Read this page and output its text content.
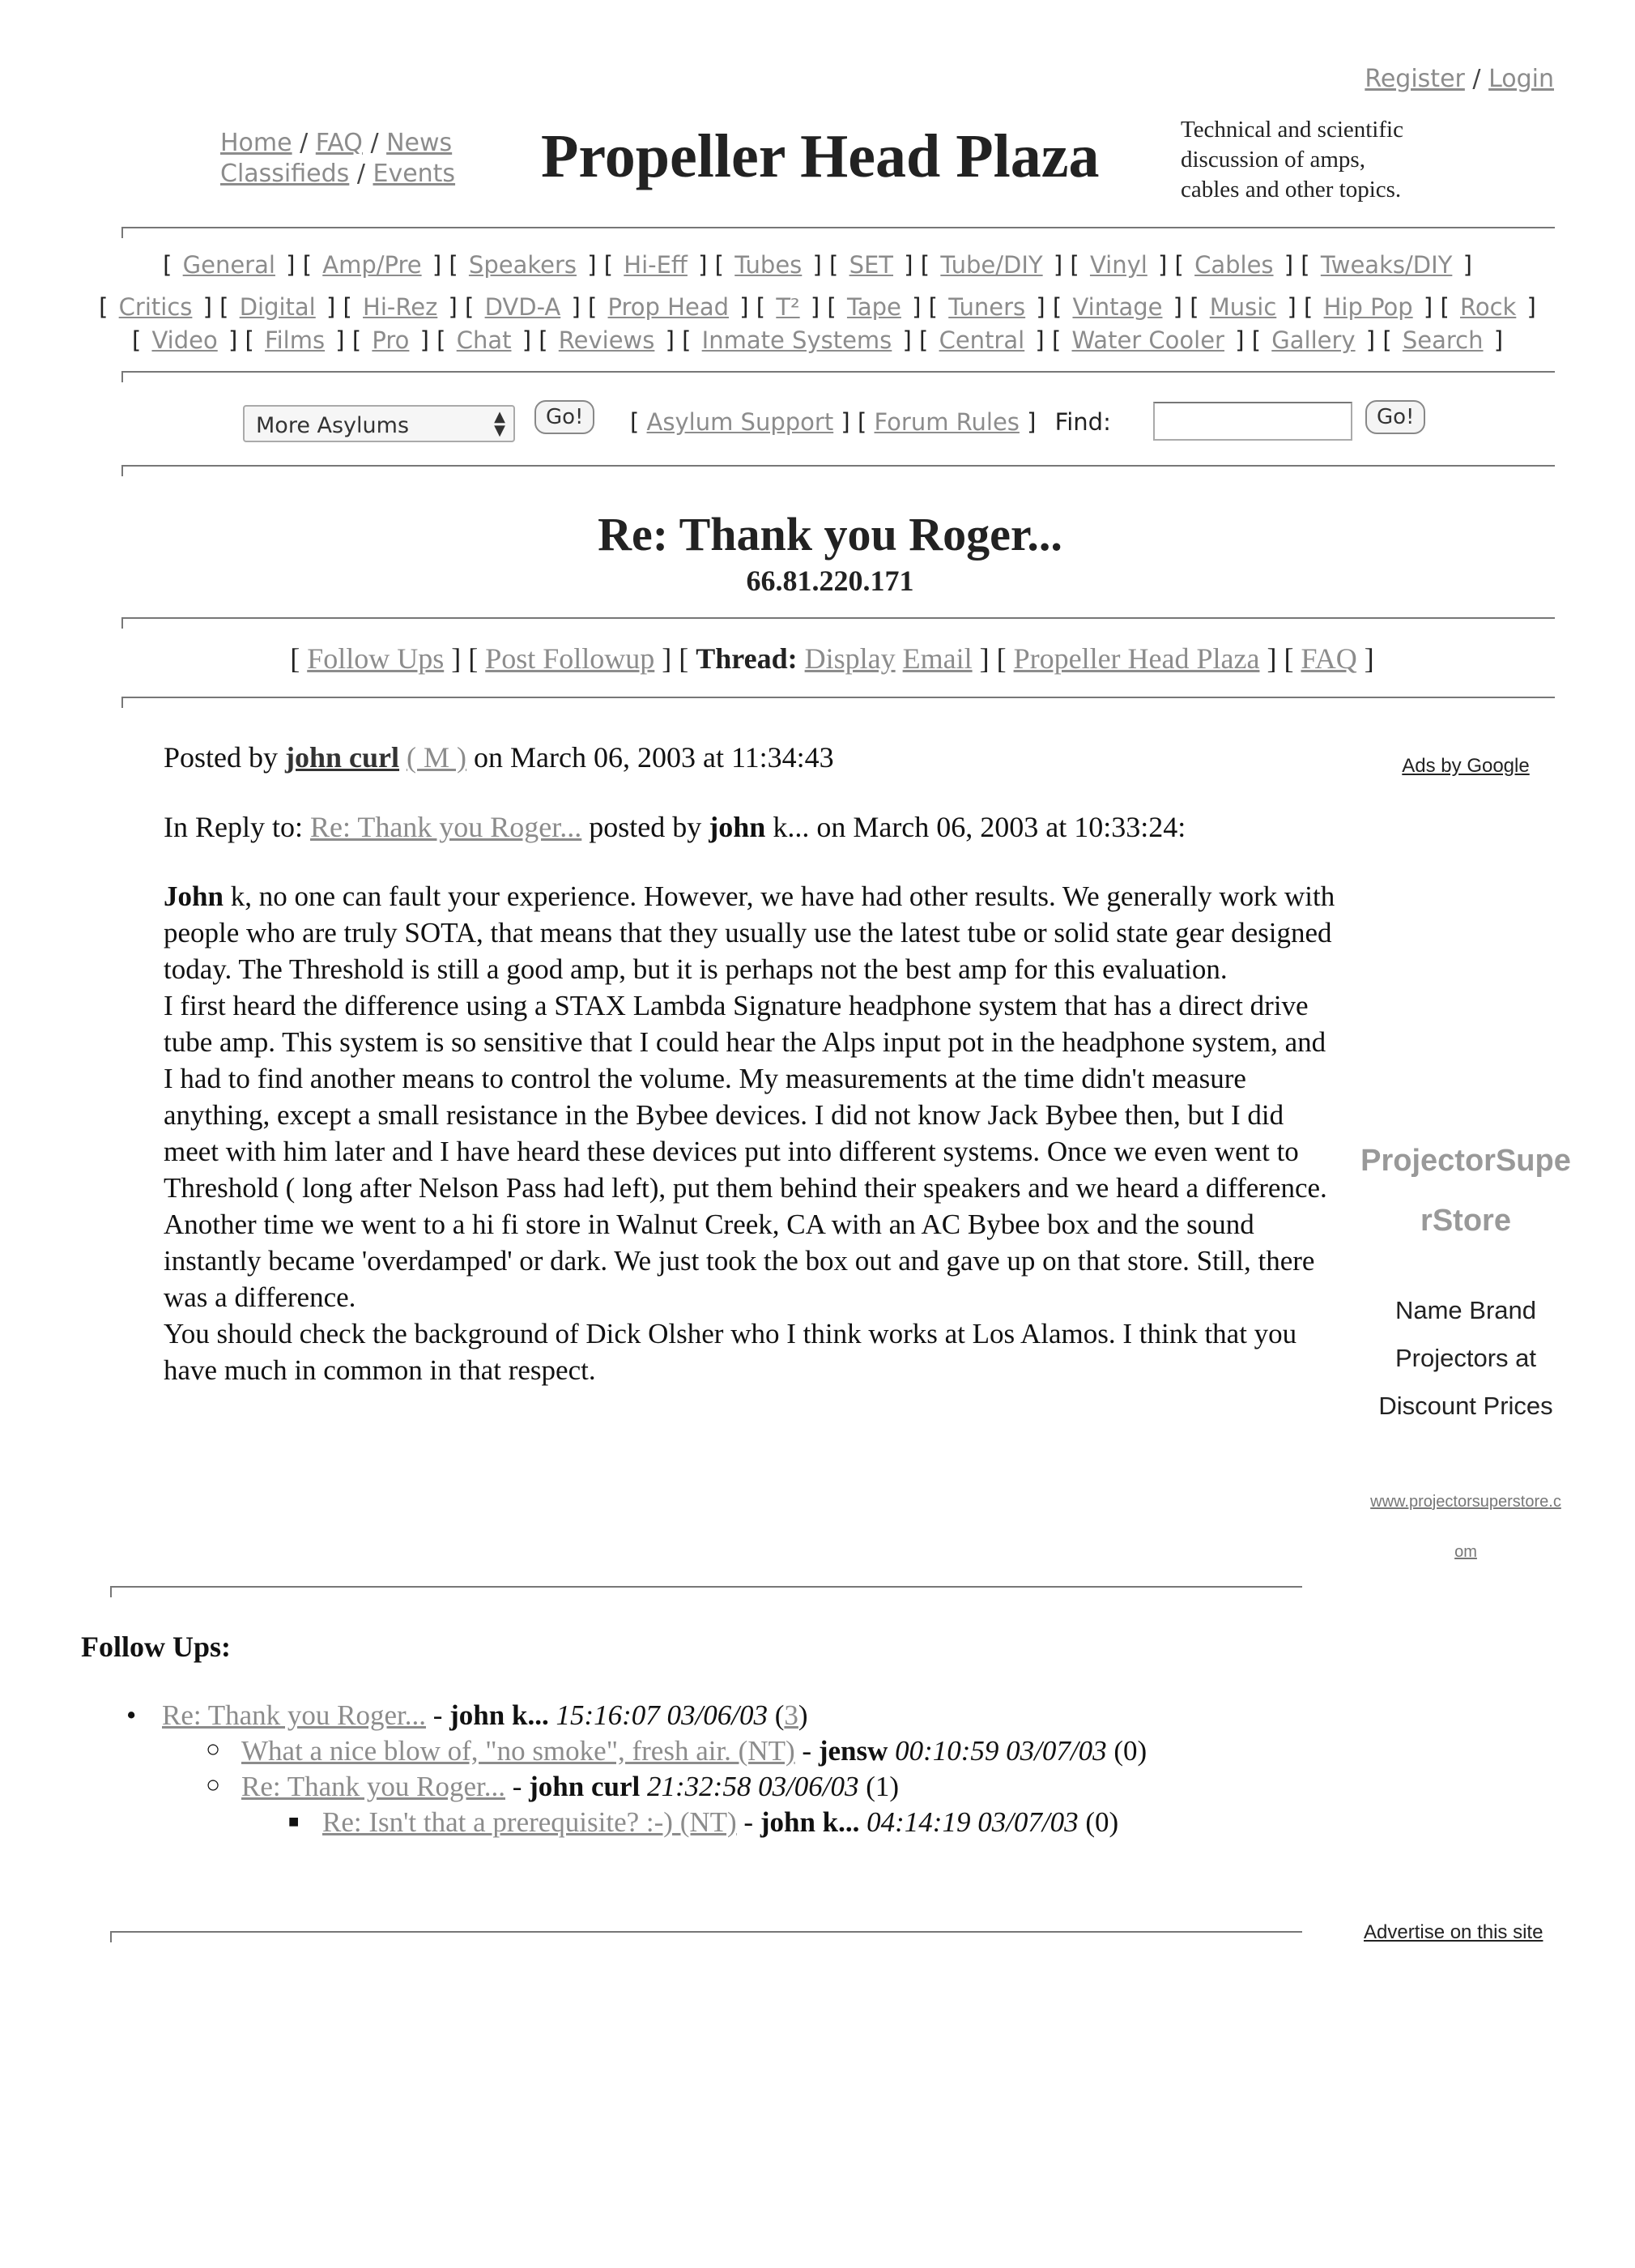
Register / Login
Home / FAQ / News
Classifieds / Events Propeller Head Plaza	Technical and scientific
discussion of amps,
cables and other topics.
[ General ] [ Amp/Pre ] [ Speakers ] [ Hi-Eff ] [ Tubes ] [ SET ] [ Tube/DIY ] [ Vinyl ] [ Cables ] [ Tweaks/DIY ]
[ Critics ] [ Digital ] [ Hi-Rez ] [ DVD-A ] [ Prop Head ] [ T² ] [ Tape ] [ Tuners ] [ Vintage ] [ Music ] [ Hip Pop ] [ Rock ]
[ Video ] [ Films ] [ Pro ] [ Chat ] [ Reviews ] [ Inmate Systems ] [ Central ] [ Water Cooler ] [ Gallery ] [ Search ]
More Asylums	▲
▼
Go!	[ Asylum Support ] [ Forum Rules ] Find:	Go!
Re: Thank you Roger...
66.81.220.171
[ Follow Ups ] [ Post Followup ] [ Thread: Display Email ] [ Propeller Head Plaza ] [ FAQ ]
Posted by john curl ( M ) on March 06, 2003 at 11:34:43
In Reply to: Re: Thank you Roger... posted by john k... on March 06, 2003 at 10:33:24:
John k, no one can fault your experience. However, we have had other results. We generally work with people who are truly SOTA, that means that they usually use the latest tube or solid state gear designed today. The Threshold is still a good amp, but it is perhaps not the best amp for this evaluation.
I first heard the difference using a STAX Lambda Signature headphone system that has a direct drive tube amp. This system is so sensitive that I could hear the Alps input pot in the headphone system, and I had to find another means to control the volume. My measurements at the time didn't measure anything, except a small resistance in the Bybee devices. I did not know Jack Bybee then, but I did meet with him later and I have heard these devices put into different systems. Once we even went to Threshold ( long after Nelson Pass had left), put them behind their speakers and we heard a difference. Another time we went to a hi fi store in Walnut Creek, CA with an AC Bybee box and the sound instantly became 'overdamped' or dark. We just took the box out and gave up on that store. Still, there was a difference.
You should check the background of Dick Olsher who I think works at Los Alamos. I think that you have much in common in that respect.
Ads by Google
ProjectorSupe
rStore
Name Brand
Projectors at
Discount Prices
www.projectorsuperstore.c
om
Follow Ups:
• Re: Thank you Roger... - john k... 15:16:07 03/06/03 (3)
○ What a nice blow of, "no smoke", fresh air. (NT) - jensw 00:10:59 03/07/03 (0)
○ Re: Thank you Roger... - john curl 21:32:58 03/06/03 (1)
■ Re: Isn't that a prerequisite? :-) (NT) - john k... 04:14:19 03/07/03 (0)
Advertise on this site
